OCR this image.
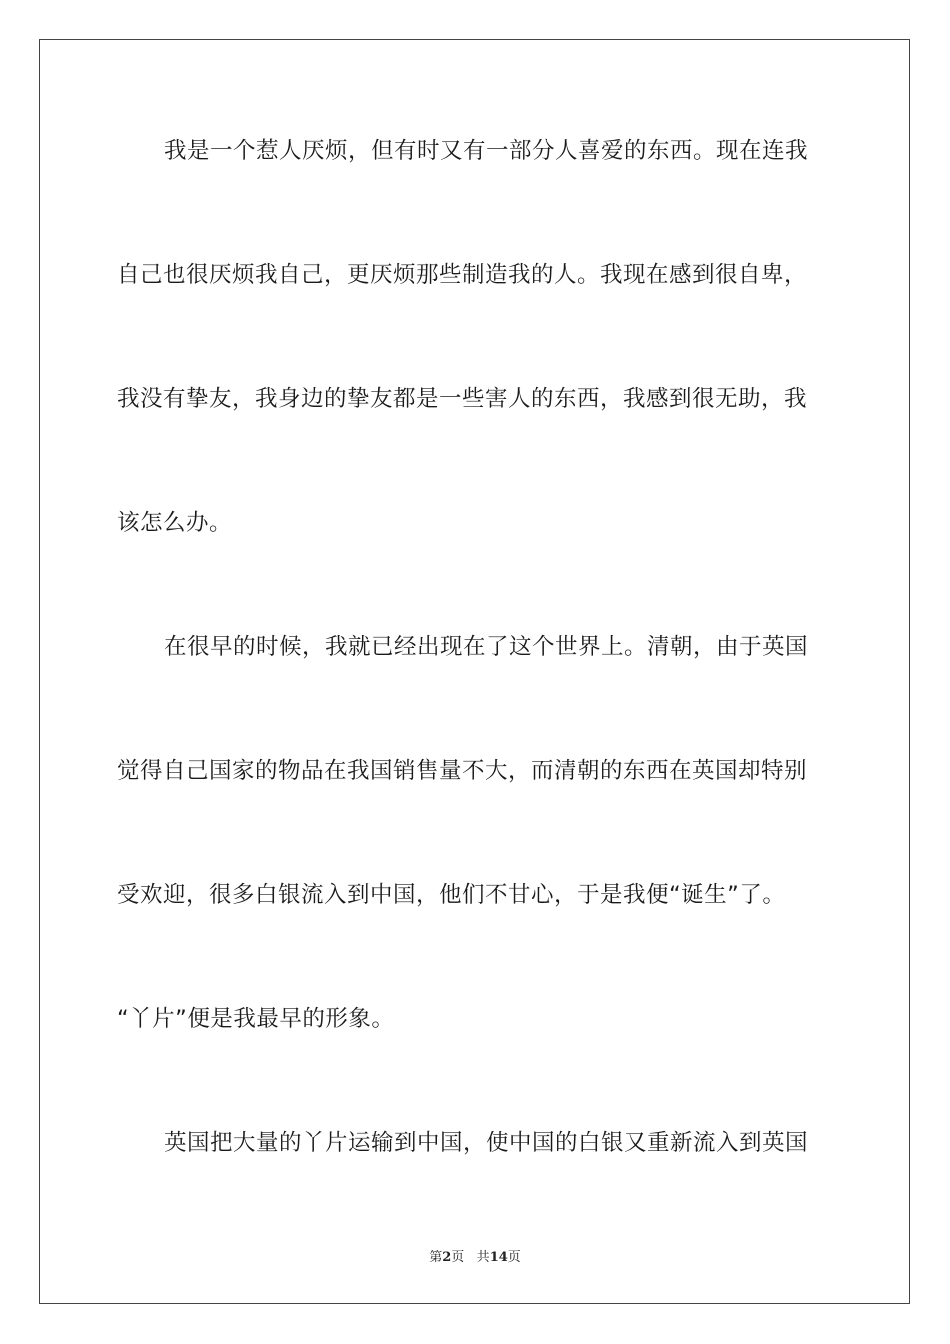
我是一个惹人厌烦，但有时又有一部分人喜爱的东西。现在连我
自己也很厌烦我自己，更厌烦那些制造我的人。我现在感到很自卑，
我没有挚友，我身边的挚友都是一些害人的东西，我感到很无助，我
该怎么办。
在很早的时候，我就已经出现在了这个世界上。清朝，由于英国
觉得自己国家的物品在我国销售量不大，而清朝的东西在英国却特别
受欢迎，很多白银流入到中国，他们不甘心，于是我便“诞生”了。
“丫片”便是我最早的形象。
英国把大量的丫片运输到中国，使中国的白银又重新流入到英国
第2页 共14页
